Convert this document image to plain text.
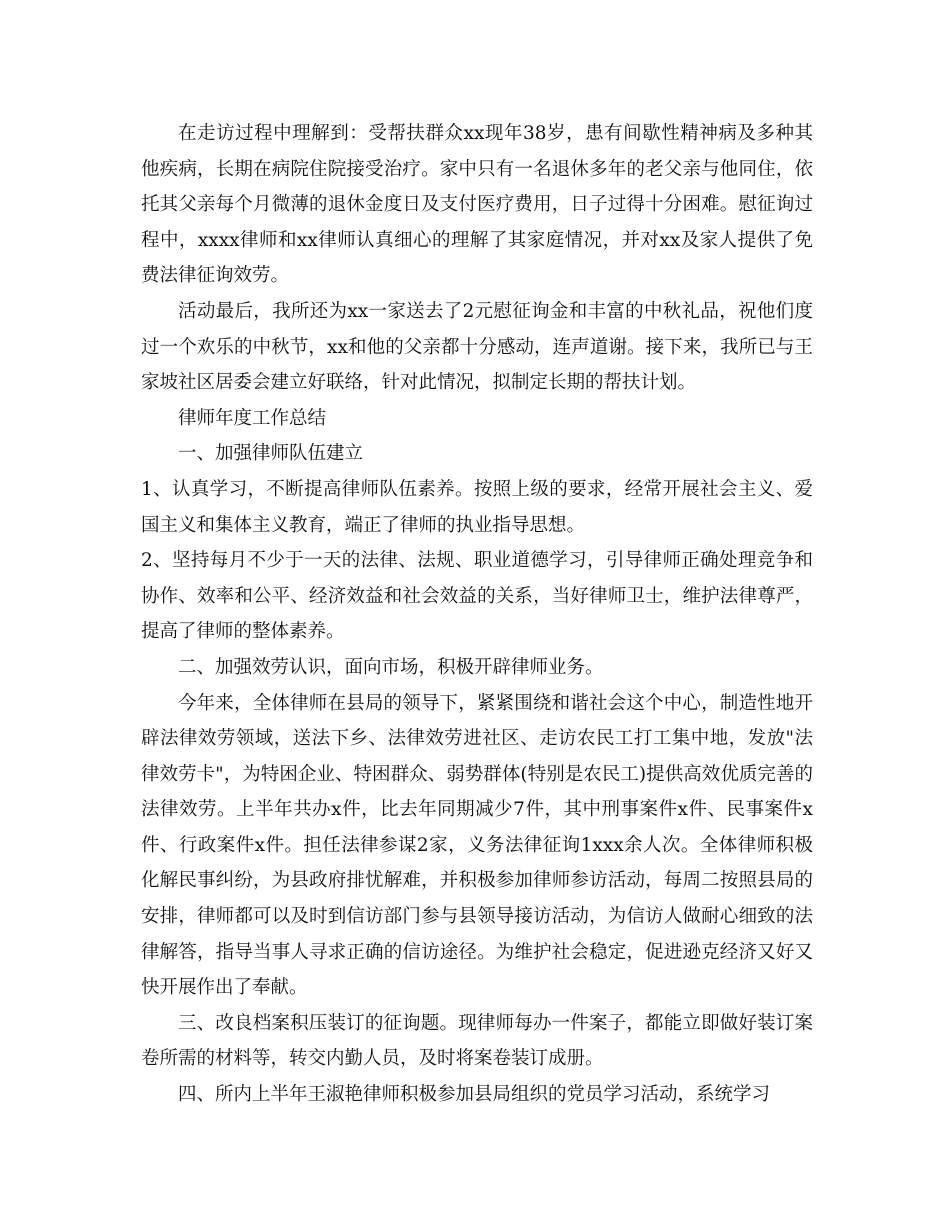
在走访过程中理解到：受帮扶群众xx现年38岁，患有间歇性精神病及多种其他疾病，长期在病院住院接受治疗。家中只有一名退休多年的老父亲与他同住，依托其父亲每个月微薄的退休金度日及支付医疗费用，日子过得十分困难。慰征询过程中，xxxx律师和xx律师认真细心的理解了其家庭情况，并对xx及家人提供了免费法律征询效劳。

活动最后，我所还为xx一家送去了2元慰征询金和丰富的中秋礼品，祝他们度过一个欢乐的中秋节，xx和他的父亲都十分感动，连声道谢。接下来，我所已与王家坡社区居委会建立好联络，针对此情况，拟制定长期的帮扶计划。

律师年度工作总结

一、加强律师队伍建立

1、认真学习，不断提高律师队伍素养。按照上级的要求，经常开展社会主义、爱国主义和集体主义教育，端正了律师的执业指导思想。

2、坚持每月不少于一天的法律、法规、职业道德学习，引导律师正确处理竞争和协作、效率和公平、经济效益和社会效益的关系，当好律师卫士，维护法律尊严，提高了律师的整体素养。

二、加强效劳认识，面向市场，积极开辟律师业务。

今年来，全体律师在县局的领导下，紧紧围绕和谐社会这个中心，制造性地开辟法律效劳领域，送法下乡、法律效劳进社区、走访农民工打工集中地，发放"法律效劳卡"，为特困企业、特困群众、弱势群体(特别是农民工)提供高效优质完善的法律效劳。上半年共办x件，比去年同期减少7件，其中刑事案件x件、民事案件x件、行政案件x件。担任法律参谋2家，义务法律征询1xxx余人次。全体律师积极化解民事纠纷，为县政府排忧解难，并积极参加律师参访活动，每周二按照县局的安排，律师都可以及时到信访部门参与县领导接访活动，为信访人做耐心细致的法律解答，指导当事人寻求正确的信访途径。为维护社会稳定，促进逊克经济又好又快开展作出了奉献。

三、改良档案积压装订的征询题。现律师每办一件案子，都能立即做好装订案卷所需的材料等，转交内勤人员，及时将案卷装订成册。

四、所内上半年王淑艳律师积极参加县局组织的党员学习活动，系统学习
